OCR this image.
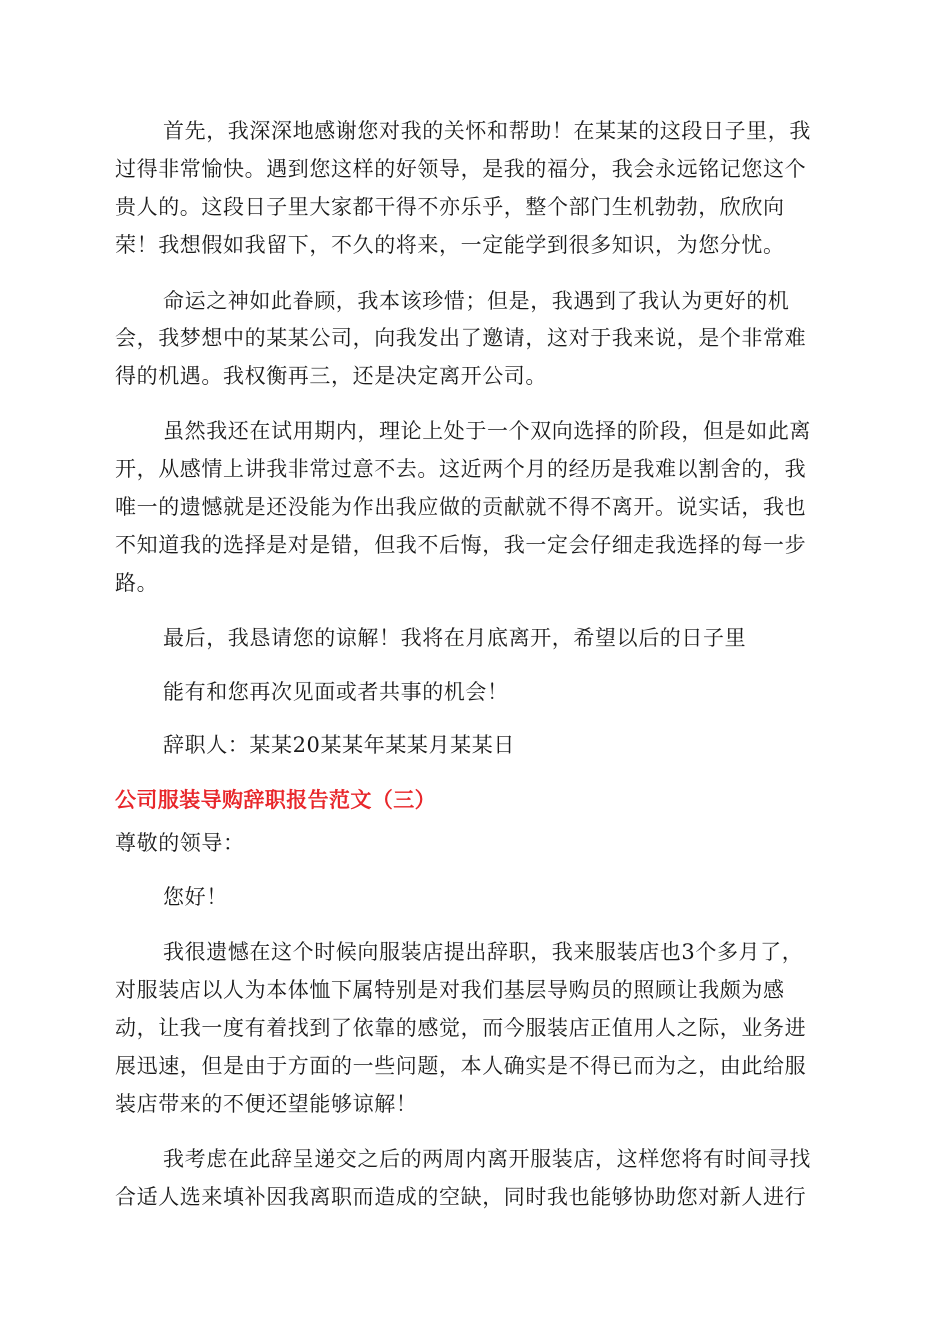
首先，我深深地感谢您对我的关怀和帮助！在某某的这段日子里，我
过得非常愉快。遇到您这样的好领导，是我的福分，我会永远铭记您这个
贵人的。这段日子里大家都干得不亦乐乎，整个部门生机勃勃，欣欣向
荣！我想假如我留下，不久的将来，一定能学到很多知识，为您分忧。
命运之神如此眷顾，我本该珍惜；但是，我遇到了我认为更好的机
会，我梦想中的某某公司，向我发出了邀请，这对于我来说，是个非常难
得的机遇。我权衡再三，还是决定离开公司。
虽然我还在试用期内，理论上处于一个双向选择的阶段，但是如此离
开，从感情上讲我非常过意不去。这近两个月的经历是我难以割舍的，我
唯一的遗憾就是还没能为作出我应做的贡献就不得不离开。说实话，我也
不知道我的选择是对是错，但我不后悔，我一定会仔细走我选择的每一步
路。
最后，我恳请您的谅解！我将在月底离开，希望以后的日子里
能有和您再次见面或者共事的机会！
辞职人：某某20某某年某某月某某日
公司服装导购辞职报告范文（三）
尊敬的领导：
您好！
我很遗憾在这个时候向服装店提出辞职，我来服装店也3个多月了，
对服装店以人为本体恤下属特别是对我们基层导购员的照顾让我颇为感
动，让我一度有着找到了依靠的感觉，而今服装店正值用人之际，业务进
展迅速，但是由于方面的一些问题，本人确实是不得已而为之，由此给服
装店带来的不便还望能够谅解！
我考虑在此辞呈递交之后的两周内离开服装店，这样您将有时间寻找
合适人选来填补因我离职而造成的空缺，同时我也能够协助您对新人进行
